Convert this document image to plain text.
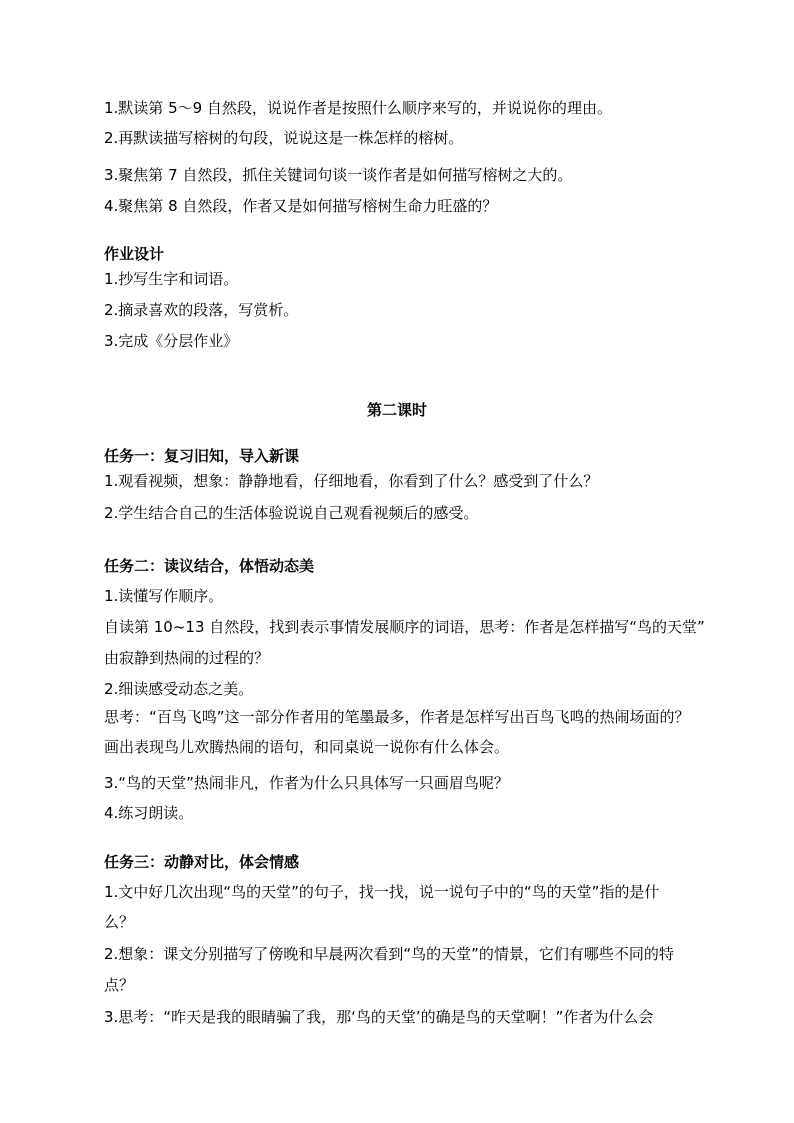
1.默读第 5～9 自然段，说说作者是按照什么顺序来写的，并说说你的理由。
2.再默读描写榕树的句段，说说这是一株怎样的榕树。
3.聚焦第 7 自然段，抓住关键词句谈一谈作者是如何描写榕树之大的。
4.聚焦第 8 自然段，作者又是如何描写榕树生命力旺盛的？
作业设计
1.抄写生字和词语。
2.摘录喜欢的段落，写赏析。
3.完成《分层作业》
第二课时
任务一：复习旧知，导入新课
1.观看视频，想象：静静地看，仔细地看，你看到了什么？感受到了什么？
2.学生结合自己的生活体验说说自己观看视频后的感受。
任务二：读议结合，体悟动态美
1.读懂写作顺序。
自读第 10~13 自然段，找到表示事情发展顺序的词语，思考：作者是怎样描写“鸟的天堂”
由寂静到热闹的过程的？
2.细读感受动态之美。
思考：“百鸟飞鸣”这一部分作者用的笔墨最多，作者是怎样写出百鸟飞鸣的热闹场面的？
画出表现鸟儿欢腾热闹的语句，和同桌说一说你有什么体会。
3.“鸟的天堂”热闹非凡，作者为什么只具体写一只画眉鸟呢？
4.练习朗读。
任务三：动静对比，体会情感
1.文中好几次出现“鸟的天堂”的句子，找一找，说一说句子中的“鸟的天堂”指的是什
么？
2.想象：课文分别描写了傍晚和早晨两次看到“鸟的天堂”的情景，它们有哪些不同的特
点？
3.思考：“昨天是我的眼睛骗了我，那‘鸟的天堂’的确是鸟的天堂啊！”作者为什么会
